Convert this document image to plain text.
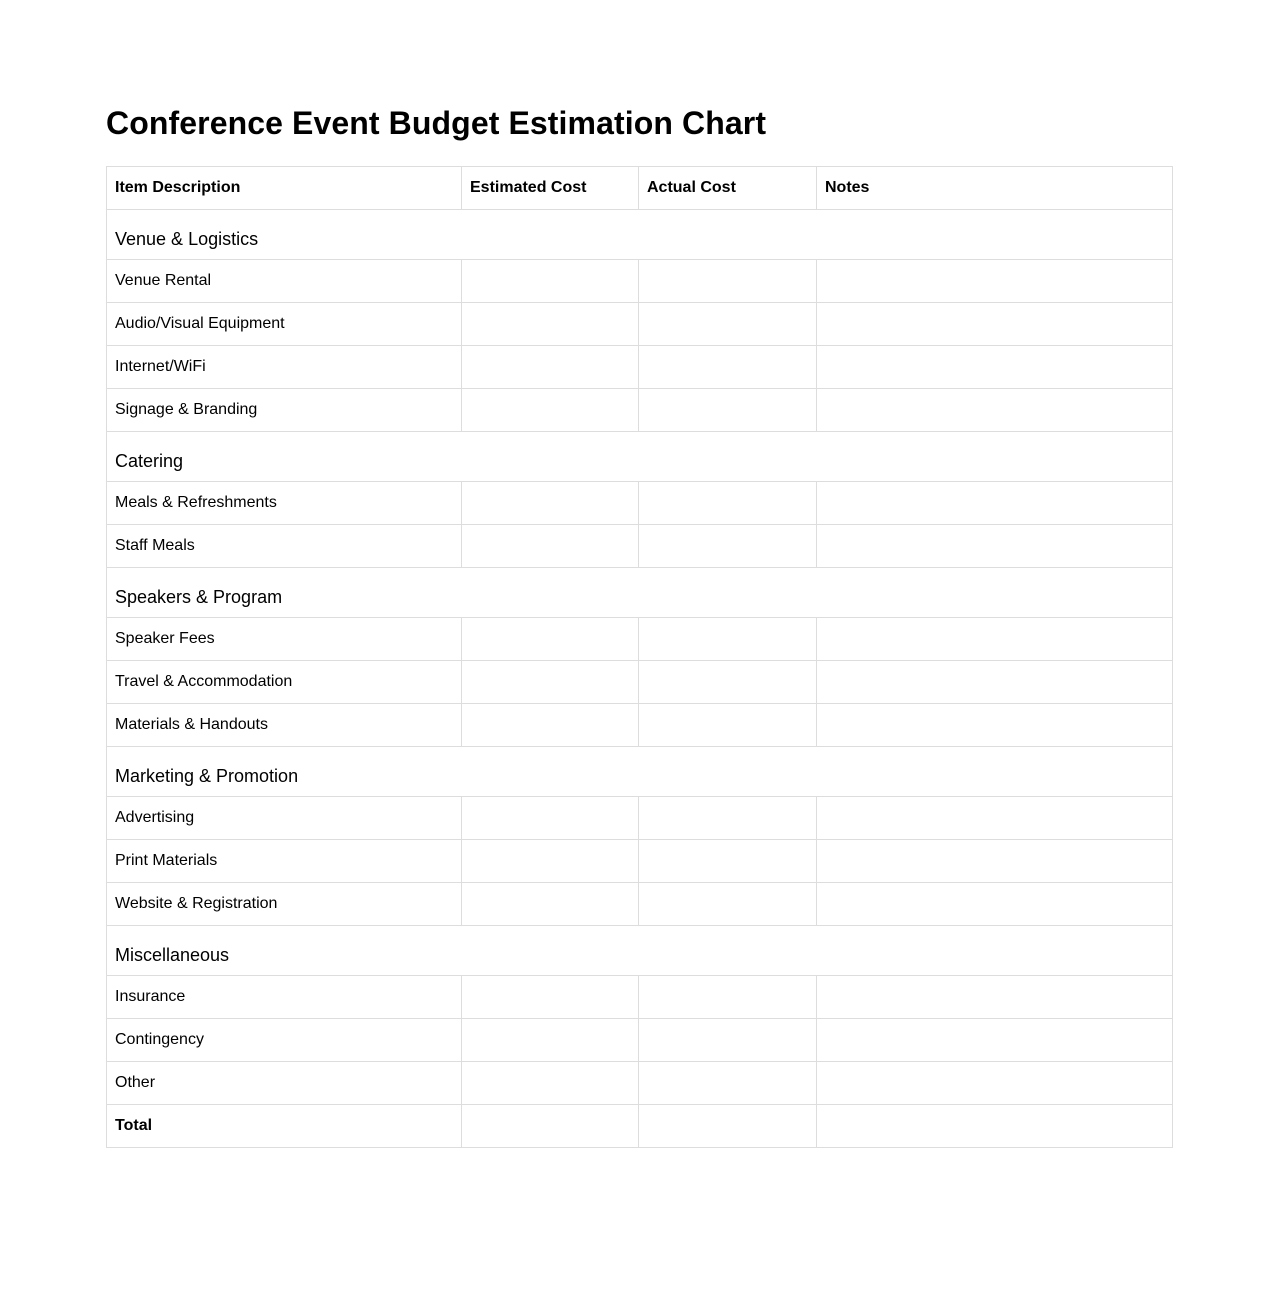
Conference Event Budget Estimation Chart
Item Description	Estimated Cost	Actual Cost	Notes
Venue & Logistics			
Venue Rental			
Audio/Visual Equipment			
Internet/WiFi			
Signage & Branding			
Catering			
Meals & Refreshments			
Staff Meals			
Speakers & Program			
Speaker Fees			
Travel & Accommodation			
Materials & Handouts			
Marketing & Promotion			
Advertising			
Print Materials			
Website & Registration			
Miscellaneous			
Insurance			
Contingency			
Other			
Total			
